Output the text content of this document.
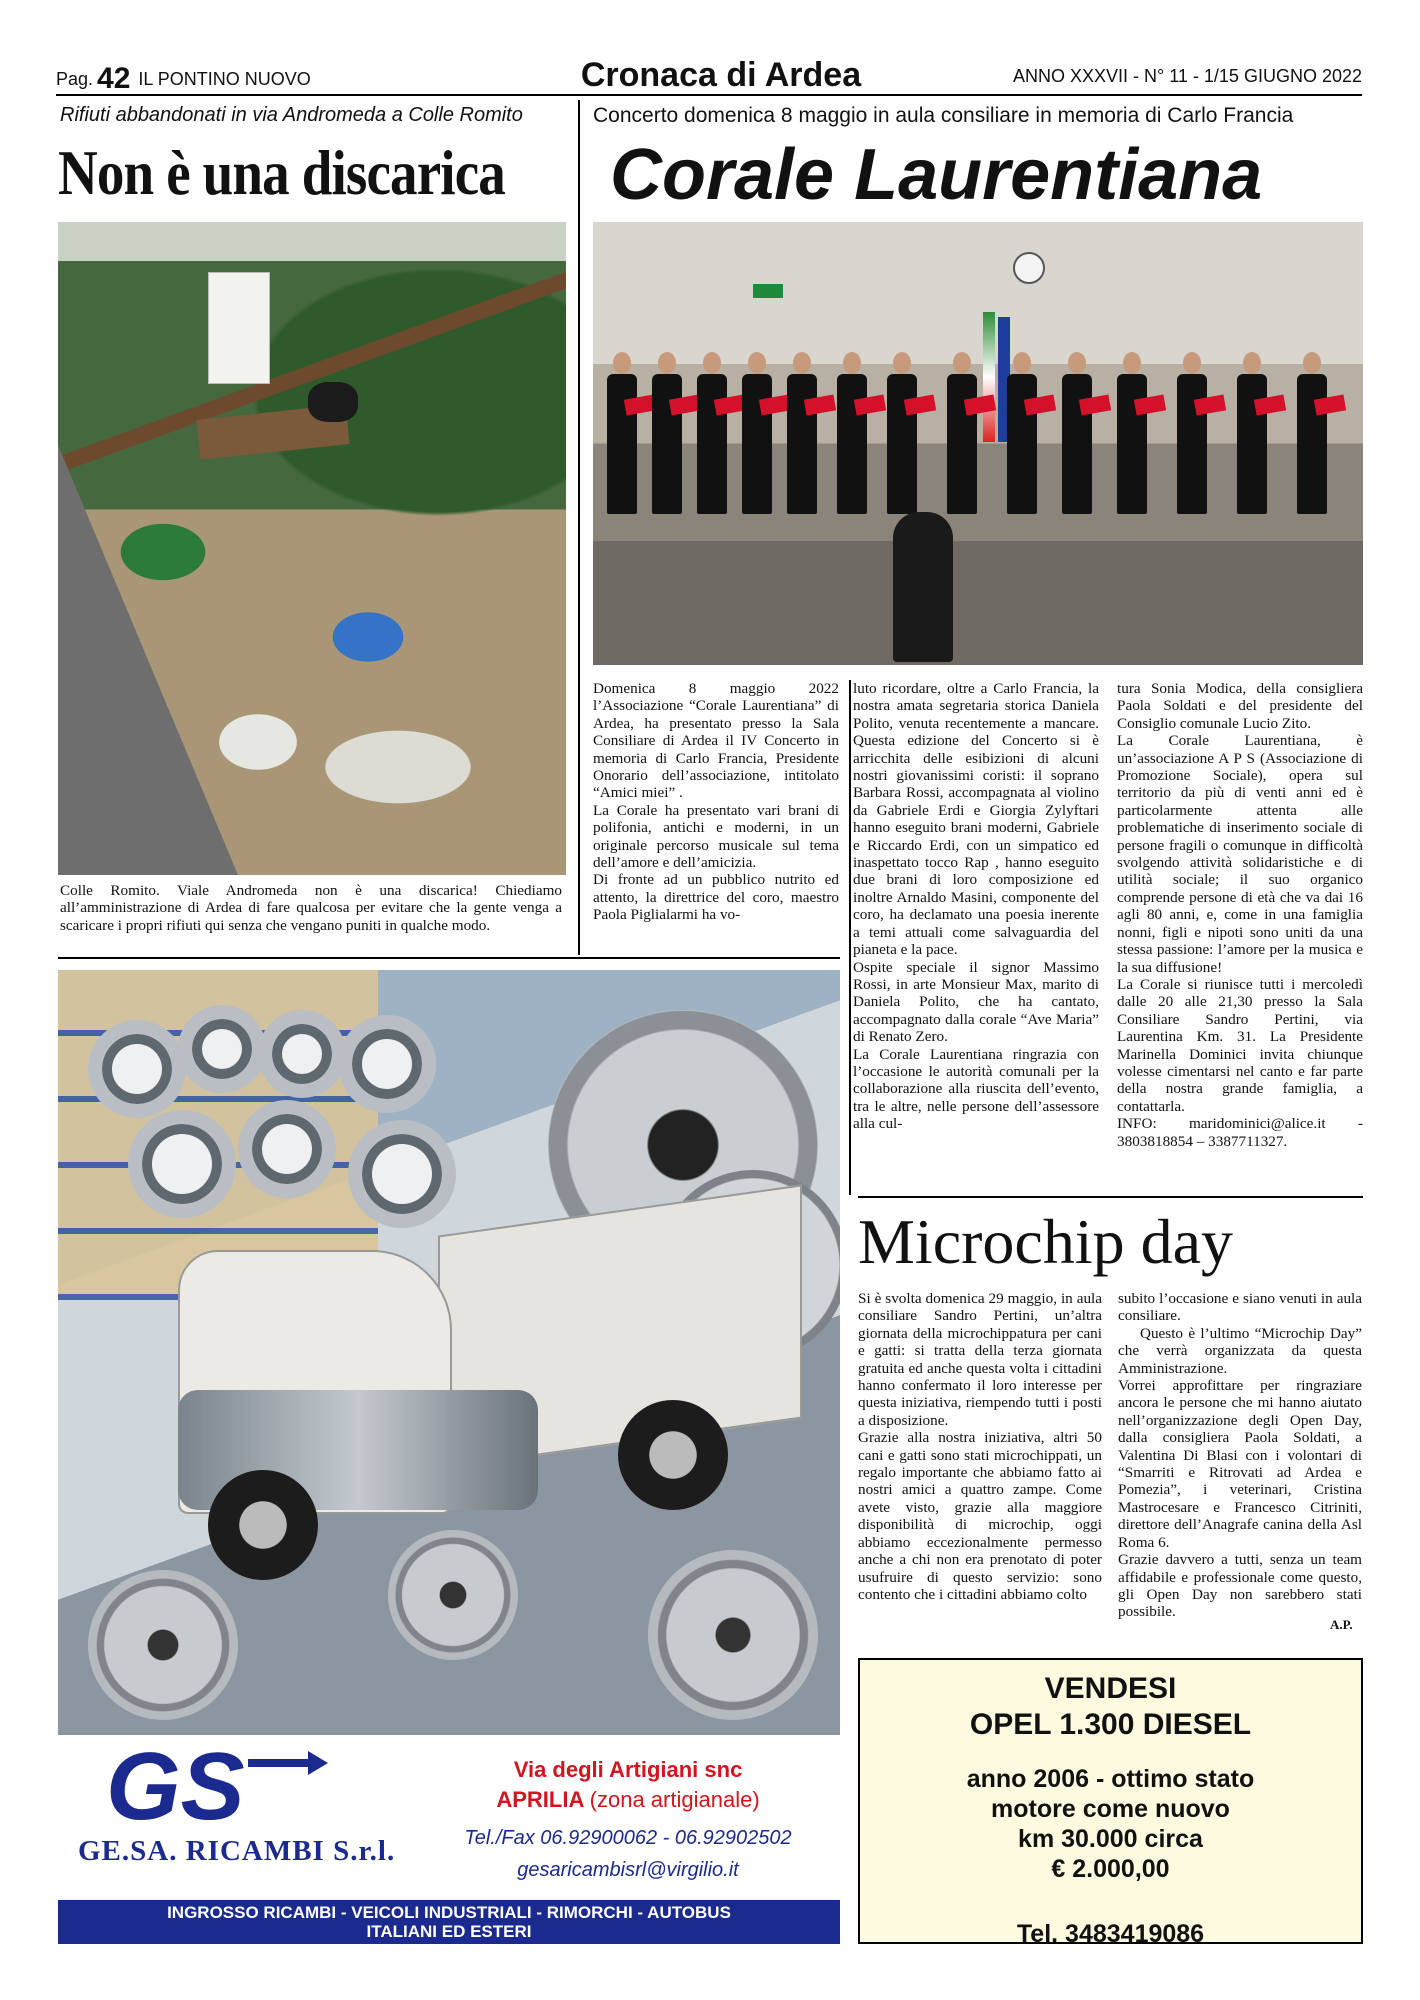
Pag. 42 IL PONTINO NUOVO	Cronaca di Ardea	ANNO XXXVII - N° 11 - 1/15 GIUGNO 2022
Rifiuti abbandonati in via Andromeda a Colle Romito
Non è una discarica
Colle Romito. Viale Andromeda non è una discarica! Chiediamo all’amministrazione di Ardea di fare qualcosa per evitare che la gente venga a scaricare i propri rifiuti qui senza che vengano puniti in qualche modo.
Concerto domenica 8 maggio in aula consiliare in memoria di Carlo Francia
Corale Laurentiana

Domenica 8 maggio 2022 l’Associazione “Corale Laurentiana” di Ardea, ha presentato presso la Sala Consiliare di Ardea il IV Concerto in memoria di Carlo Francia, Presidente Onorario dell’associazione, intitolato “Amici miei” .

La Corale ha presentato vari brani di polifonia, antichi e moderni, in un originale percorso musicale sul tema dell’amore e dell’amicizia.

Di fronte ad un pubblico nutrito ed attento, la direttrice del coro, maestro Paola Piglialarmi ha vo-

luto ricordare, oltre a Carlo Francia, la nostra amata segretaria storica Daniela Polito, venuta recentemente a mancare. Questa edizione del Concerto si è arricchita delle esibizioni di alcuni nostri giovanissimi coristi: il soprano Barbara Rossi, accompagnata al violino da Gabriele Erdi e Giorgia Zylyftari hanno eseguito brani moderni, Gabriele e Riccardo Erdi, con un simpatico ed inaspettato tocco Rap , hanno eseguito due brani di loro composizione ed inoltre Arnaldo Masini, componente del coro, ha declamato una poesia inerente a temi attuali come salvaguardia del pianeta e la pace.

Ospite speciale il signor Massimo Rossi, in arte Monsieur Max, marito di Daniela Polito, che ha cantato, accompagnato dalla corale “Ave Maria” di Renato Zero.

La Corale Laurentiana ringrazia con l’occasione le autorità comunali per la collaborazione alla riuscita dell’evento, tra le altre, nelle persone dell’assessore alla cul-

tura Sonia Modica, della consigliera Paola Soldati e del presidente del Consiglio comunale Lucio Zito.

La Corale Laurentiana, è un’associazione A P S (Associazione di Promozione Sociale), opera sul territorio da più di venti anni ed è particolarmente attenta alle problematiche di inserimento sociale di persone fragili o comunque in difficoltà svolgendo attività solidaristiche e di utilità sociale; il suo organico comprende persone di età che va dai 16 agli 80 anni, e, come in una famiglia nonni, figli e nipoti sono uniti da una stessa passione: l’amore per la musica e la sua diffusione!

La Corale si riunisce tutti i mercoledì dalle 20 alle 21,30 presso la Sala Consiliare Sandro Pertini, via Laurentina Km. 31. La Presidente Marinella Dominici invita chiunque volesse cimentarsi nel canto e far parte della nostra grande famiglia, a contattarla.

INFO: maridominici@alice.it - 3803818854 – 3387711327.

Microchip day

Si è svolta domenica 29 maggio, in aula consiliare Sandro Pertini, un’altra giornata della microchippatura per cani e gatti: si tratta della terza giornata gratuita ed anche questa volta i cittadini hanno confermato il loro interesse per questa iniziativa, riempendo tutti i posti a disposizione.

Grazie alla nostra iniziativa, altri 50 cani e gatti sono stati microchippati, un regalo importante che abbiamo fatto ai nostri amici a quattro zampe. Come avete visto, grazie alla maggiore disponibilità di microchip, oggi abbiamo eccezionalmente permesso anche a chi non era prenotato di poter usufruire di questo servizio: sono contento che i cittadini abbiamo colto

subito l’occasione e siano venuti in aula consiliare.

Questo è l’ultimo “Microchip Day” che verrà organizzata da questa Amministrazione.

Vorrei approfittare per ringraziare ancora le persone che mi hanno aiutato nell’organizzazione degli Open Day, dalla consigliera Paola Soldati, a Valentina Di Blasi con i volontari di “Smarriti e Ritrovati ad Ardea e Pomezia”, i veterinari, Cristina Mastrocesare e Francesco Citriniti, direttore dell’Anagrafe canina della Asl Roma 6.

Grazie davvero a tutti, senza un team affidabile e professionale come questo, gli Open Day non sarebbero stati possibile.

A.P.
GS
GE.SA. RICAMBI S.r.l.
Via degli Artigiani snc
APRILIA (zona artigianale)
Tel./Fax 06.92900062 - 06.92902502
gesaricambisrl@virgilio.it
INGROSSO RICAMBI - VEICOLI INDUSTRIALI - RIMORCHI - AUTOBUS
ITALIANI ED ESTERI
VENDESI
OPEL 1.300 DIESEL
anno 2006 - ottimo stato
motore come nuovo
km 30.000 circa
€ 2.000,00
Tel. 3483419086
